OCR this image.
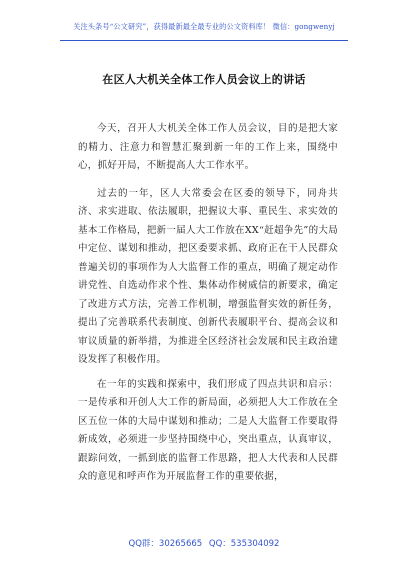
关注头条号“公文研究”，获得最新最全最专业的公文资料库！ 微信：gongwenyj
在区人大机关全体工作人员会议上的讲话

今天，召开人大机关全体工作人员会议，目的是把大家的精力、注意力和智慧汇聚到新一年的工作上来，围绕中心，抓好开局，不断提高人大工作水平。

过去的一年，区人大常委会在区委的领导下，同舟共济、求实进取、依法履职，把握议大事、重民生、求实效的基本工作格局，把新一届人大工作放在XX“赶超争先”的大局中定位、谋划和推动，把区委要求抓、政府正在干人民群众普遍关切的事项作为人大监督工作的重点，明确了规定动作讲党性、自选动作求个性、集体动作树威信的新要求，确定了改进方式方法，完善工作机制，增强监督实效的新任务，提出了完善联系代表制度、创新代表履职平台、提高会议和审议质量的新举措，为推进全区经济社会发展和民主政治建设发挥了积极作用。

在一年的实践和探索中，我们形成了四点共识和启示：一是传承和开创人大工作的新局面，必须把人大工作放在全区五位一体的大局中谋划和推动；二是人大监督工作要取得新成效，必须进一步坚持围绕中心，突出重点，认真审议，跟踪问效，一抓到底的监督工作思路，把人大代表和人民群众的意见和呼声作为开展监督工作的重要依据，

QQ群：30265665 QQ：535304092
